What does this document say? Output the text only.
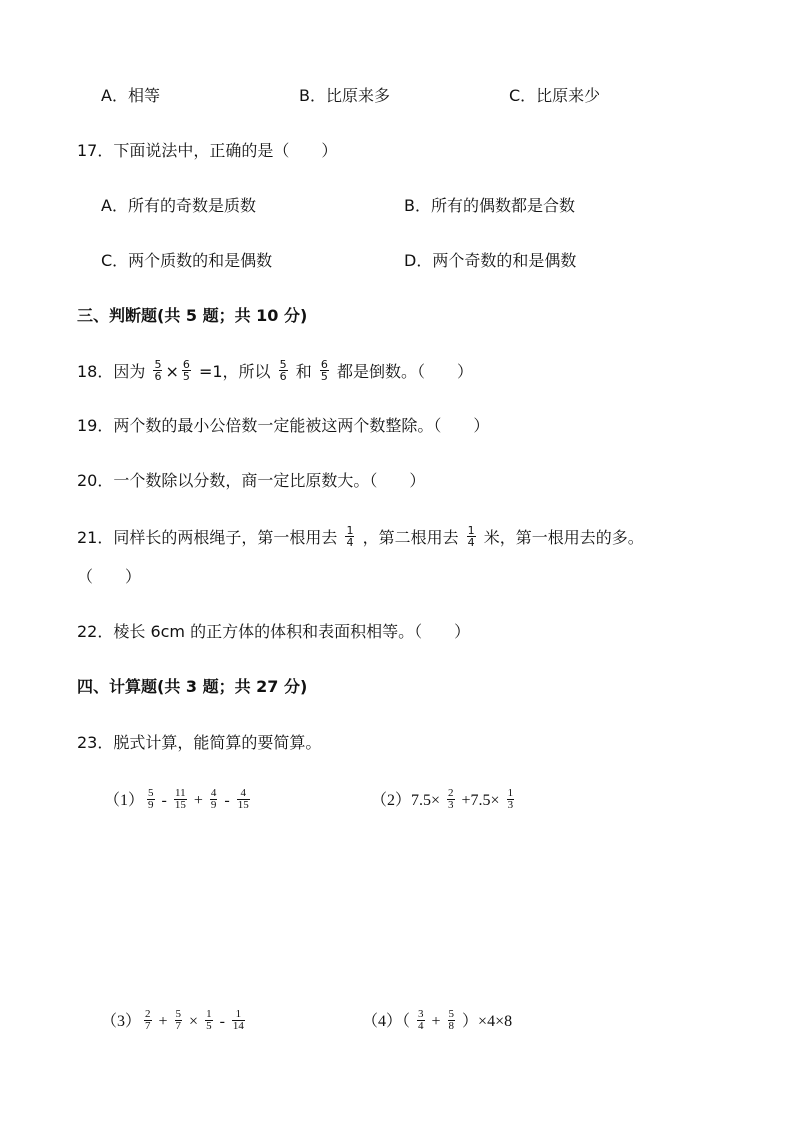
A．相等	B．比原来多	C．比原来少
17．下面说法中，正确的是（　　）
A．所有的奇数是质数	B．所有的偶数都是合数
C．两个质数的和是偶数	D．两个奇数的和是偶数
三、判断题(共 5 题；共 10 分)
18．因为 $\frac{5}{6} \times \frac{6}{5} =1$，所以 $\frac{5}{6}$ 和 $\frac{6}{5}$ 都是倒数。（　　）
19．两个数的最小公倍数一定能被这两个数整除。（　　）
20．一个数除以分数，商一定比原数大。（　　）
21．同样长的两根绳子，第一根用去 $\frac{1}{4}$ ，第二根用去 $\frac{1}{4}$ 米，第一根用去的多。
（　　）
22．棱长 6cm 的正方体的体积和表面积相等。（　　）
四、计算题(共 3 题；共 27 分)
23．脱式计算，能简算的要简算。
$(1) \frac{5}{9} - \frac{11}{15} + \frac{4}{9} - \frac{4}{15}$	$(2)7.5\times \frac{2}{3} +7.5\times \frac{1}{3}$
$(3) \frac{2}{7} + \frac{5}{7} \times \frac{1}{5} - \frac{1}{14}$	$(4)( \frac{3}{4} + \frac{5}{8} )\times 4\times 8$
